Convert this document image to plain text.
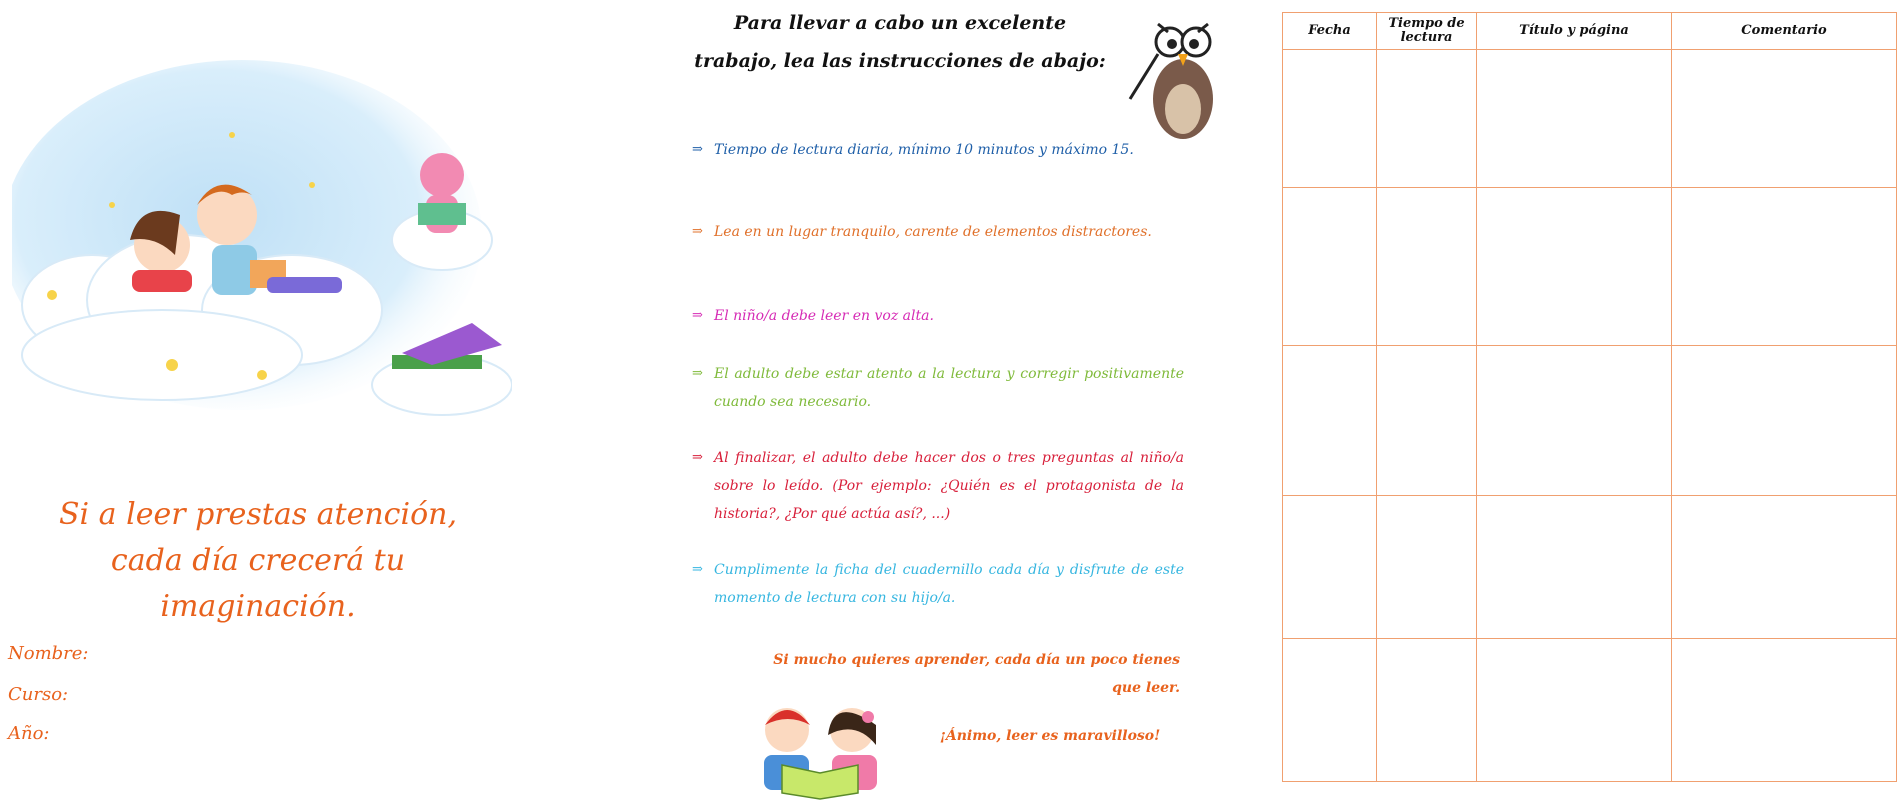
Si a leer prestas atención,
cada día crecerá tu
imaginación.
Nombre:
Curso:
Año:
Para llevar a cabo un excelente
trabajo, lea las instrucciones de abajo:
⇒ Tiempo de lectura diaria, mínimo 10 minutos y máximo 15.
⇒ Lea en un lugar tranquilo, carente de elementos distractores.
⇒ El niño/a debe leer en voz alta.
⇒ El adulto debe estar atento a la lectura y corregir positivamente cuando sea necesario.
⇒ Al finalizar, el adulto debe hacer dos o tres preguntas al niño/a sobre lo leído. (Por ejemplo: ¿Quién es el protagonista de la historia?, ¿Por qué actúa así?, ...)
⇒ Cumplimente la ficha del cuadernillo cada día y disfrute de este momento de lectura con su hijo/a.
Si mucho quieres aprender, cada día un poco tienes que leer.
¡Ánimo, leer es maravilloso!
Fecha	Tiempo de lectura	Título y página	Comentario
